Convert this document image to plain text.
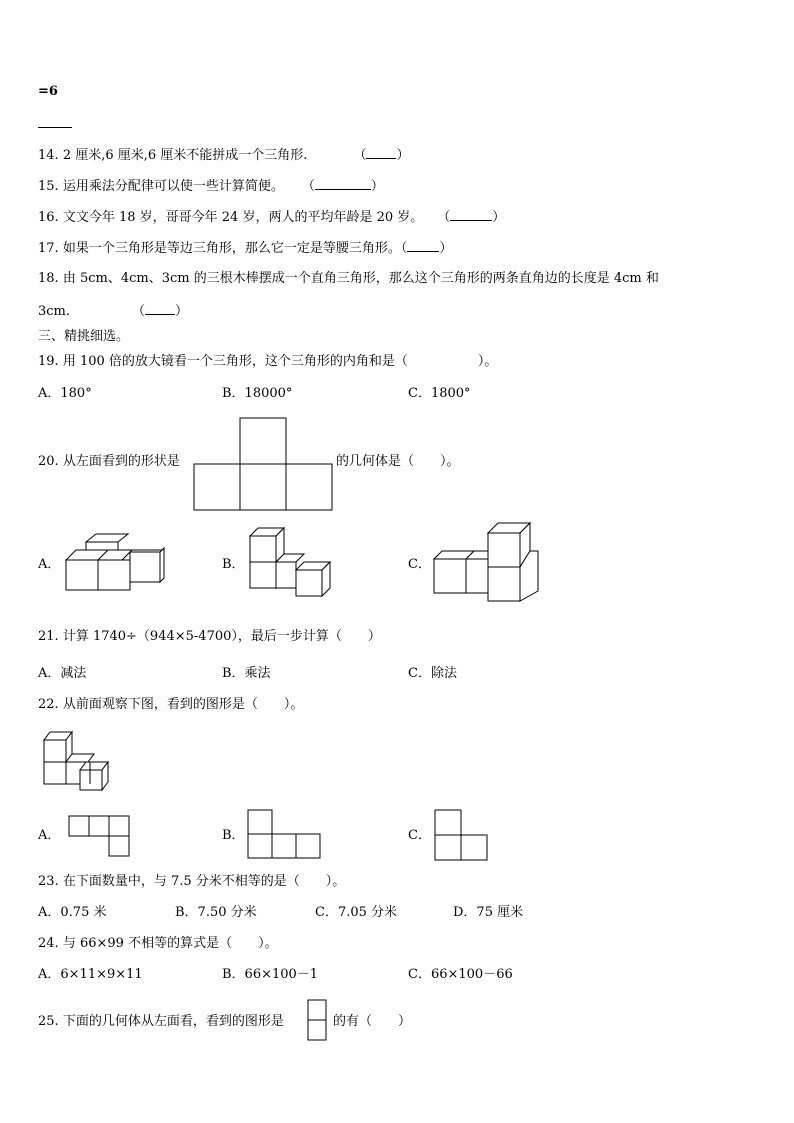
=6
14. 2 厘米,6 厘米,6 厘米不能拼成一个三角形.	（ ）
15. 运用乘法分配律可以使一些计算简便。 （	）
16. 文文今年 18 岁，哥哥今年 24 岁，两人的平均年龄是 20 岁。 （	）
17. 如果一个三角形是等边三角形，那么它一定是等腰三角形。（ ）
18. 由 5cm、4cm、3cm 的三根木棒摆成一个直角三角形，那么这个三角形的两条直角边的长度是 4cm 和
3cm.	（ ）
三、精挑细选。
19. 用 100 倍的放大镜看一个三角形，这个三角形的内角和是（	）。
A．180°	B．18000°	C．1800°
20. 从左面看到的形状是	的几何体是（　　）。
A．	B．	C．
21. 计算 1740÷（944×5-4700），最后一步计算（　　）
A．减法	B．乘法	C．除法
22. 从前面观察下图，看到的图形是（　　）。
A．	B．	C．
23. 在下面数量中，与 7.5 分米不相等的是（　　）。
A．0.75 米	B．7.50 分米	C．7.05 分米	D．75 厘米
24. 与 66×99 不相等的算式是（　　）。
A．6×11×9×11	B．66×100－1	C．66×100－66
25. 下面的几何体从左面看，看到的图形是	的有（　　）
